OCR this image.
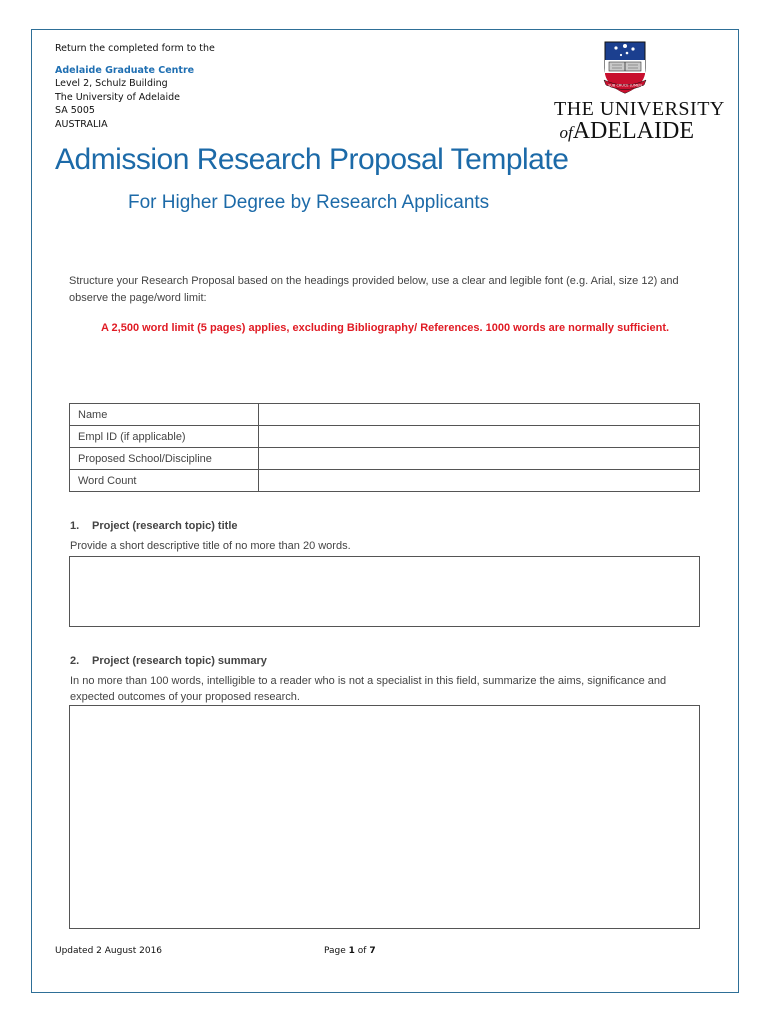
Return the completed form to the
Adelaide Graduate Centre
Level 2, Schulz Building
The University of Adelaide
SA 5005
AUSTRALIA
SUB CRUCE LUMEN
THE UNIVERSITY
ofADELAIDE
Admission Research Proposal Template
For Higher Degree by Research Applicants
Structure your Research Proposal based on the headings provided below, use a clear and legible font (e.g. Arial, size 12) and observe the page/word limit:
A 2,500 word limit (5 pages) applies, excluding Bibliography/ References. 1000 words are normally sufficient.
Name	
Empl ID (if applicable)	
Proposed School/Discipline	
Word Count	
1. Project (research topic) title
Provide a short descriptive title of no more than 20 words.
2. Project (research topic) summary
In no more than 100 words, intelligible to a reader who is not a specialist in this field, summarize the aims, significance and expected outcomes of your proposed research.
Updated 2 August 2016	Page 1 of 7
